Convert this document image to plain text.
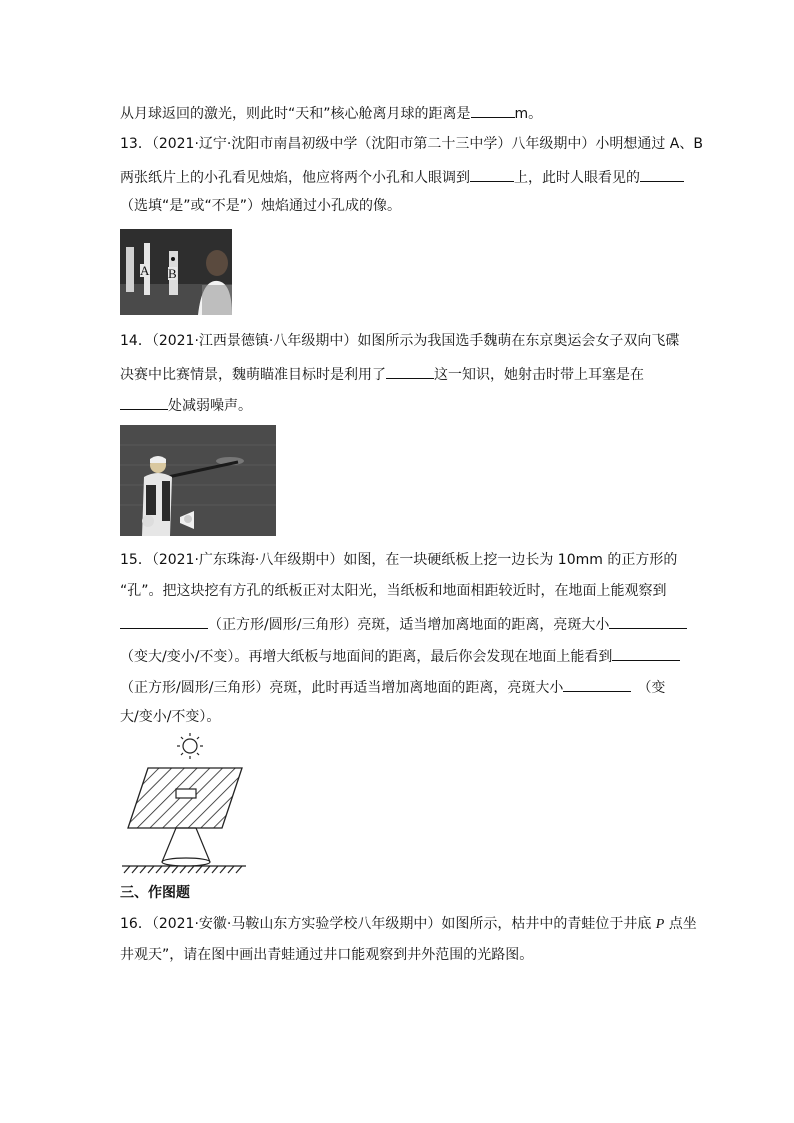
从月球返回的激光，则此时“天和”核心舱离月球的距离是	m。
13．（2021·辽宁·沈阳市南昌初级中学（沈阳市第二十三中学）八年级期中）小明想通过 A、B
两张纸片上的小孔看见烛焰，他应将两个小孔和人眼调到	上，此时人眼看见的
（选填“是”或“不是”）烛焰通过小孔成的像。
A B
14．（2021·江西景德镇·八年级期中）如图所示为我国选手魏萌在东京奥运会女子双向飞碟
决赛中比赛情景，魏萌瞄准目标时是利用了	这一知识，她射击时带上耳塞是在
处减弱噪声。
15．（2021·广东珠海·八年级期中）如图，在一块硬纸板上挖一边长为 10mm 的正方形的
“孔”。把这块挖有方孔的纸板正对太阳光，当纸板和地面相距较近时，在地面上能观察到
（正方形/圆形/三角形）亮斑，适当增加离地面的距离，亮斑大小
（变大/变小/不变）。再增大纸板与地面间的距离，最后你会发现在地面上能看到
（正方形/圆形/三角形）亮斑，此时再适当增加离地面的距离，亮斑大小	（变
大/变小/不变）。
三、作图题
16．（2021·安徽·马鞍山东方实验学校八年级期中）如图所示，枯井中的青蛙位于井底 P 点坐
井观天”，请在图中画出青蛙通过井口能观察到井外范围的光路图。
